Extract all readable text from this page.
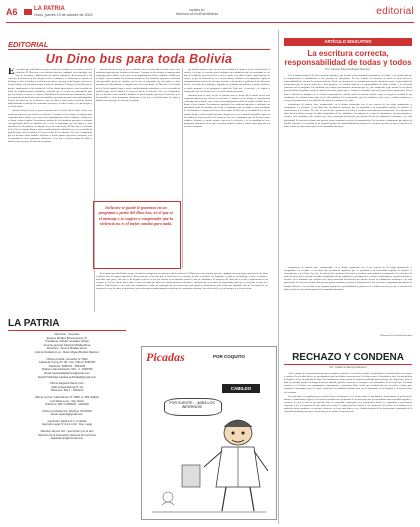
A6	LA PATRIA
Oruro, jueves 19 de octubre de 2023
lapatria.bo
facebook.com/LaPatriaBolivia	editorial
EDITORIAL
Un Dino bus para toda Bolivia

Es un plato que toda Bolivia ya que en todos los colegios se necesita prevenir la violencia. El Dino bus es un vehículo tipo bus, equipado con tecnología, que hace de los niños y adolescentes un espacio interactivo. Recientemente se ha visto que la violencia en los colegios ha ido en aumento, no solamente se trata de un bullying, se hace a insultos o molestias entre pares, sino que se ha llegado a niveles en los que incluso se ha atentado contra la vida de estudiantes. El proyecto del Dino bus se pensó e implementó en los colegios de La Paz, donde hasta ahora se han recorrido por todos los establecimientos educativos, sabiendo que se cuenta con capacidades para que la violencia se trate y se reduzca. Toda Bolivia es necesaria esta orientación y todas las estrategias de prevención que sean posibles, precisamente para evitar más tragedias. Una de las causas de ese fenómeno es que los niños y niñas tienen acceso de manera indiscriminada a todo tipo de contenidos violentos, en redes sociales, en videojuegos y en la televisión.

sabiendo desde la casa, ya que en muchos casos es desde allí de donde vienen esas conductas agresivas que derivan en violencia. Y aunque en los colegios se implementan estrategias para evitarla, si no existe un acompañamiento desde la familia es difícil que se llegue a buen término. Precisamente muchas de las conductas agresivas o violentas van aprendidas desde las familias, por lo que es importante que los padres y otros miembros de ella también se eduquen acerca de estos temas. El Dino bus en la ciudad de La Paz ha logrado llegar a varios establecimientos educativos y en su recorrido ha podido llegar con la temática de la prevención de la violencia. Por eso es importante que sea llevado a otras ciudades. Inclusive se puede ayudar a prevenir la violencia, y en la actualidad se tiene programas educativos en los que se pueden sumar los niños y adolescentes para que sea una tarea conjunta.

sabiendo desde la casa, ya que en muchos casos es desde allí de donde vienen esas conductas agresivas que derivan en violencia. Y aunque en los colegios se implementan estrategias para evitarla, si no existe un acompañamiento desde la familia es difícil que se llegue a buen término. Precisamente muchas de las conductas agresivas o violentas van aprendidas desde las familias, por lo que es importante que los padres y otros miembros de ella también se eduquen acerca de estos temas. El Dino bus en la ciudad de La Paz ha logrado llegar a varios establecimientos educativos y en su recorrido ha podido llegar con la temática de la prevención de la violencia. Por eso es importante que sea llevado a otras ciudades. Inclusive se puede ayudar a prevenir la violencia, y en la actualidad se tiene programas educativos en los que se pueden sumar los niños y adolescentes para que sea una tarea conjunta.

Inclusive se puede le ponemos en un programa o partir del Dino bus, en el que se el mensaje y se sugiere a comprender que la violencia no es el mejor camino para nada.

Es un plato que toda Bolivia ya que en todos los colegios se necesita prevenir la violencia. El Dino bus es un vehículo tipo bus, equipado con tecnología, que hace de los niños y adolescentes un espacio interactivo. Recientemente se ha visto que la violencia en los colegios ha ido en aumento, no solamente se trata de un bullying, se hace a insultos o molestias entre pares, sino que se ha llegado a niveles en los que incluso se ha atentado contra la vida de estudiantes. El proyecto del Dino bus se pensó e implementó en los colegios de La Paz, donde hasta ahora se han recorrido por todos los establecimientos educativos, sabiendo que se cuenta con capacidades para que la violencia se trate y se reduzca. Toda Bolivia es necesaria esta orientación y todas las estrategias de prevención que sean posibles, precisamente para evitar más tragedias. Una de las causas de ese fenómeno es que los niños y niñas tienen acceso de manera indiscriminada a todo tipo de contenidos violentos, en redes sociales, en videojuegos y en la televisión.

que pueden ayudar a que esto sea una realidad. En cuanto a la prevención desde la escuela, es lo que se necesita: desde cualquier otra institución que sea sustentada en ese tipo de conductas, una buena idea es que se ayude a los niños a saber cómo manejar los enojos, ya que la violencia no es el mejor camino. Tambien sería importante lograr un acompañamiento a través de las redes sociales, y así atender el problema desde diferentes frentes, con todas las estrategias, logrando un resultado más positivo y pronto. Inclusive se puede proponer en un programa a partir del Dino bus, el mensaje y se sugiere a comprender que la violencia no es el mejor camino para nada.

sabiendo desde la casa, ya que en muchos casos es desde allí de donde vienen esas conductas agresivas que derivan en violencia. Y aunque en los colegios se implementan estrategias para evitarla, si no existe un acompañamiento desde la familia es difícil que se llegue a buen término. Precisamente muchas de las conductas agresivas o violentas van aprendidas desde las familias, por lo que es importante que los padres y otros miembros de ella también se eduquen acerca de estos temas. El Dino bus en la ciudad de La Paz ha logrado llegar a varios establecimientos educativos y en su recorrido ha podido llegar con la temática de la prevención de la violencia. Por eso es importante que sea llevado a otras ciudades. Inclusive se puede ayudar a prevenir la violencia, y en la actualidad se tiene programas educativos en los que se pueden sumar los niños y adolescentes para que sea una tarea conjunta.

ARTÍCULO EDUCATIVO
La escritura correcta, responsabilidad de todas y todos
Por: Carmen Rosa Rodríguez Romero*

Con la implementación del nuevo modelo educativo, que ha sido socio comunitario productivo en el país, se ha establecido que la comunicación es fundamental en los procesos de aprendizaje. En este sentido, los docentes de todas las áreas tienen la responsabilidad de enseñar la escritura correcta. Desde esa perspectiva, la comunicación puede entenderse como el intercambio de información que se genera entre dos o más personas. La escritura correcta es responsabilidad de todas y todos, y la redacción comienza con la ortografía. Un estudiante que escribe correctamente demuestra que lee, que comprende y que razona. Es de interés general utilizar la palabra escrita de manera adecuada, puesto que se requiere la claridad y precisión para poder comunicarse. Por lo tanto el docente de lenguaje no es el único responsable de enseñar, todos los docentes deben exigir y corregir la escritura de sus estudiantes, la escritura forma parte de la vida cotidiana. Es recomendable que los estudiantes lean textos, escriban resúmenes y revisen sus producciones con ayuda de diccionarios y manuales de estilo.

comunicarse de manera clara, comprensible, en la misma ordenación con el uso correcto de las reglas gramaticales y ortográficas. La escritura es sin duda una herramienta poderosa que ha permitido a la humanidad registrar su historia, el conocimiento y la cultura. Por ello, la escuela debe promover la lectura y escritura como prácticas permanentes. Los docentes de todas las áreas deben corregir las faltas ortográficas de los estudiantes, sin importar si se trata de matemáticas, ciencias naturales o sociales. Los estudiantes que escriben con errores muestran deficiencias que pueden afectar su rendimiento académico y su vida profesional. La correcta escritura abre puertas, genera confianza y mejora la comunicación. Por esa razón es importante que padres de familia, docentes y la sociedad en su conjunto asuman la responsabilidad de promover la escritura correcta, ya que es una tarea de todas y todos los que forman parte de la comunidad educativa.

comunicarse de manera clara, comprensible, en la misma ordenación con el uso correcto de las reglas gramaticales y ortográficas. La escritura es sin duda una herramienta poderosa que ha permitido a la humanidad registrar su historia, el conocimiento y la cultura. Por ello, la escuela debe promover la lectura y escritura como prácticas permanentes. Los docentes de todas las áreas deben corregir las faltas ortográficas de los estudiantes, sin importar si se trata de matemáticas, ciencias naturales o sociales. Los estudiantes que escriben con errores muestran deficiencias que pueden afectar su rendimiento académico y su vida profesional. La correcta escritura abre puertas, genera confianza y mejora la comunicación. Por esa razón es importante que padres de familia, docentes y la sociedad en su conjunto asuman la responsabilidad de promover la escritura correcta, ya que es una tarea de todas y todos los que forman parte de la comunidad educativa.

*Docente de la Unidad Educativa
LA PATRIA
Directorio : Gerentes
Enrique Miralles Bonnecarrere (†)
Presidente: Alfredo Gonzales Clavijo
Gerente general: Marcelo Miralles Bove
Directora : Ximena Miralles Iporre
Jefe de Redacción a.i.: Mario Miguel Bonifaz Ramírez
Oficina Central: Camacho Nº 1892
Casilla de Correo Nº 48 · Fax: (591-2) 5250780
Teléfonos: 5250761 · 5254125
Teléfono Administración: 591 - 2 - 5250780
Email: lapatriadigitaloruro@gmail.com
Email Publicidad: lapatria.publicidad@gmail.com
Oficina Regional Santa Cruz:
Calle Independencia Nº 22
Teléfonos: 591 2 - 3331010
Oficina La Paz: Calle México Nº 1588, of. 309, Edificio
Luis Maria Luza · San Pedro
Teléfonos: 591 2 2490000 · 2401920
Oficina Cochabamba: Teléfono 70130000
Email: lapatria@gmail.com
Impresión: Editora S.C. Limitada
Depósito Legal: N 4-3-1-1-92 · Dep. Legal
Miembro de la A.N.P., suscripción por el año
Miembro de la Asociación Nacional de la Prensa
lapatriaoruro@hotmail.com
Picadas	POR COQUITO
CABILDO
POR SUERTE... ¡MIRA LOS INFIERNOS!
RECHAZO Y CONDENA
Por: Guillermo Montoya Becerra

Ante el ataque de los narcotraficantes que asesinaron a policías en el oriente del país, la población se ha manifestado con rechazo y condena. Los hechos deben ser investigados hasta las últimas consecuencias. La lucha contra el narcotráfico debe ser una política de Estado y no de un gobierno de turno. Las instituciones deben actuar de manera coordinada para enfrentar este flagelo que afecta a toda la sociedad, porque las drogas destruyen familias, generan violencia y corrompen a las autoridades. Es necesario que el Estado fortalezca a la Policía con equipamiento, capacitación y tecnología. Debe existir una coordinación con los países vecinos para combatir el narcotráfico, que no conoce fronteras. La ciudadanía también tiene un rol importante en la denuncia y en la prevención del consumo.

Por otro lado, las organizaciones sociales deben involucrarse en la lucha contra el narcotráfico, denunciando la presencia de fábricas y plantaciones ilegales. Los hechos ocurridos son un llamado de atención para que las autoridades tomen medidas urgentes y efectivas, ya que la vida de los policías debe ser respetada y protegida. Los responsables deben ser capturados y sancionados conforme a ley. Es momento de que todos los sectores se unan para hacer frente a este problema. El rechazo y la condena de la población deben traducirse en acciones concretas, en leyes más firmes y en el fortalecimiento de las instituciones encargadas de la seguridad ciudadana, para que estos hechos no se repitan en nuestro país.
